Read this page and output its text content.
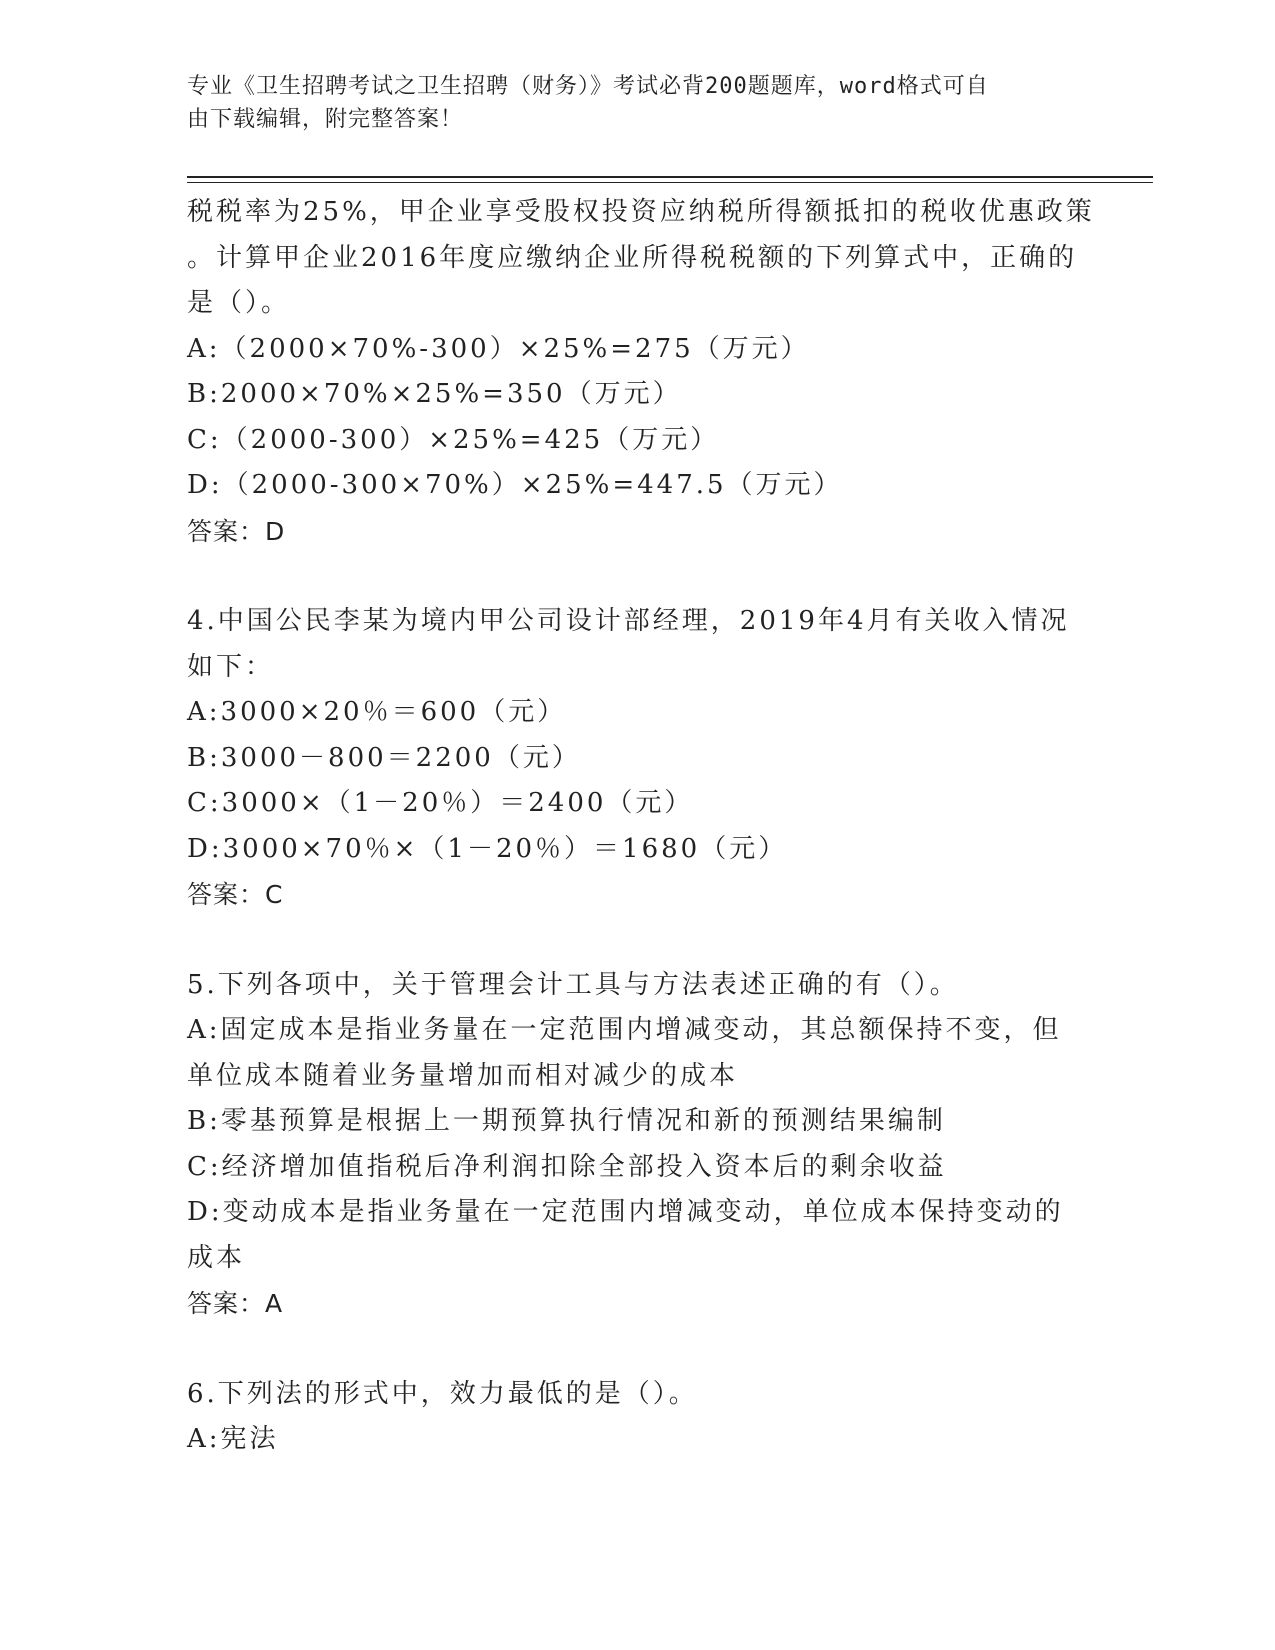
专业《卫生招聘考试之卫生招聘（财务）》考试必背200题题库，word格式可自
由下载编辑，附完整答案！
税税率为25%，甲企业享受股权投资应纳税所得额抵扣的税收优惠政策
。计算甲企业2016年度应缴纳企业所得税税额的下列算式中，正确的
是（）。
A:（2000×70%-300）×25%=275（万元）
B:2000×70%×25%=350（万元）
C:（2000-300）×25%=425（万元）
D:（2000-300×70%）×25%=447.5（万元）
答案：D
4.中国公民李某为境内甲公司设计部经理，2019年4月有关收入情况
如下：
A:3000×20％＝600（元）
B:3000－800＝2200（元）
C:3000×（1－20％）＝2400（元）
D:3000×70％×（1－20％）＝1680（元）
答案：C
5.下列各项中，关于管理会计工具与方法表述正确的有（）。
A:固定成本是指业务量在一定范围内增减变动，其总额保持不变，但
单位成本随着业务量增加而相对减少的成本
B:零基预算是根据上一期预算执行情况和新的预测结果编制
C:经济增加值指税后净利润扣除全部投入资本后的剩余收益
D:变动成本是指业务量在一定范围内增减变动，单位成本保持变动的
成本
答案：A
6.下列法的形式中，效力最低的是（）。
A:宪法
